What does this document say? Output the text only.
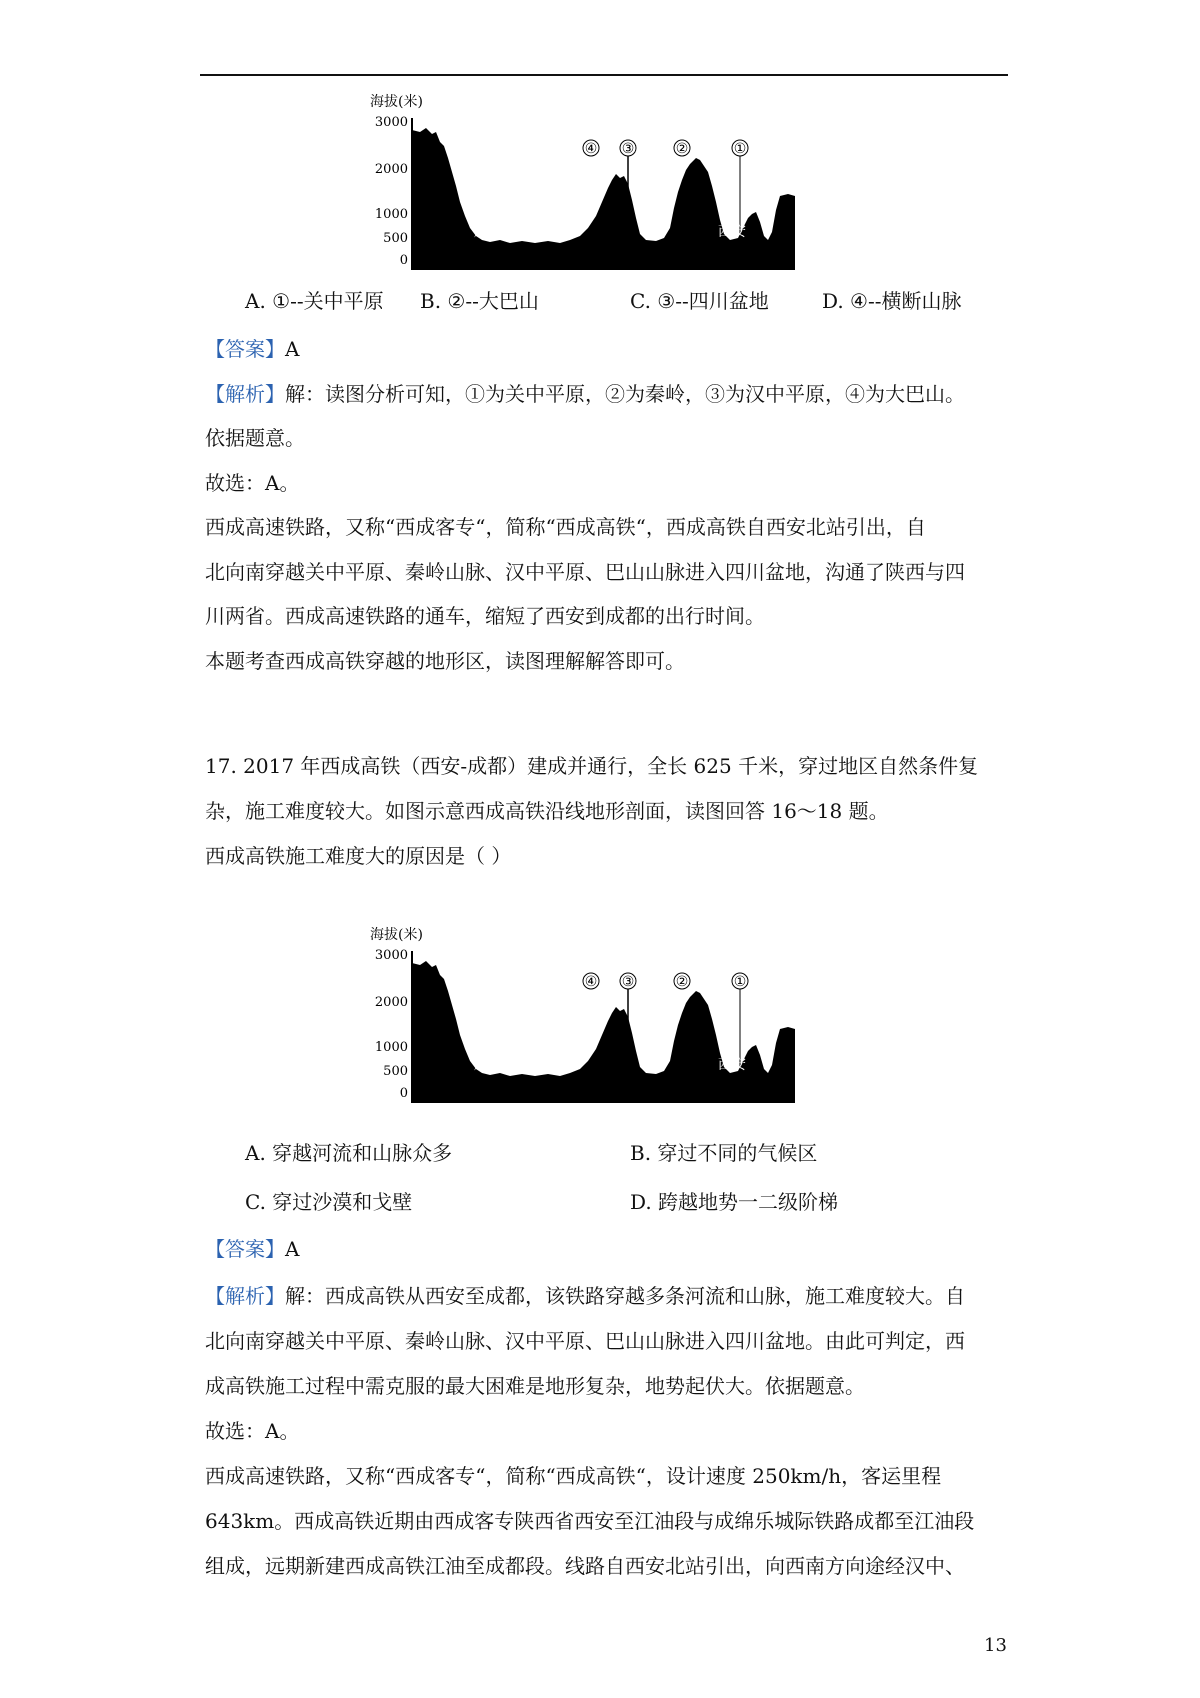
海拔(米)
3000
2000
1000
500
0
④ ③	②	①
成都	西安
A. ①--关中平原 B. ②--大巴山	C. ③--四川盆地	D. ④--横断山脉
【答案】A
【解析】解：读图分析可知，①为关中平原，②为秦岭，③为汉中平原，④为大巴山。
依据题意。
故选：A。
西成高速铁路，又称“西成客专“，简称“西成高铁“，西成高铁自西安北站引出，自
北向南穿越关中平原、秦岭山脉、汉中平原、巴山山脉进入四川盆地，沟通了陕西与四
川两省。西成高速铁路的通车，缩短了西安到成都的出行时间。
本题考查西成高铁穿越的地形区，读图理解解答即可。
17. 2017 年西成高铁（西安-成都）建成并通行，全长 625 千米，穿过地区自然条件复
杂，施工难度较大。如图示意西成高铁沿线地形剖面，读图回答 16～18 题。
西成高铁施工难度大的原因是（ ）
海拔(米)
3000
2000
1000
500
0
④ ③	②	①
成都	西安
A. 穿越河流和山脉众多	B. 穿过不同的气候区
C. 穿过沙漠和戈壁	D. 跨越地势一二级阶梯
【答案】A
【解析】解：西成高铁从西安至成都，该铁路穿越多条河流和山脉，施工难度较大。自
北向南穿越关中平原、秦岭山脉、汉中平原、巴山山脉进入四川盆地。由此可判定，西
成高铁施工过程中需克服的最大困难是地形复杂，地势起伏大。依据题意。
故选：A。
西成高速铁路，又称“西成客专“，简称“西成高铁“，设计速度 250km/h，客运里程
643km。西成高铁近期由西成客专陕西省西安至江油段与成绵乐城际铁路成都至江油段
组成，远期新建西成高铁江油至成都段。线路自西安北站引出，向西南方向途经汉中、
13
